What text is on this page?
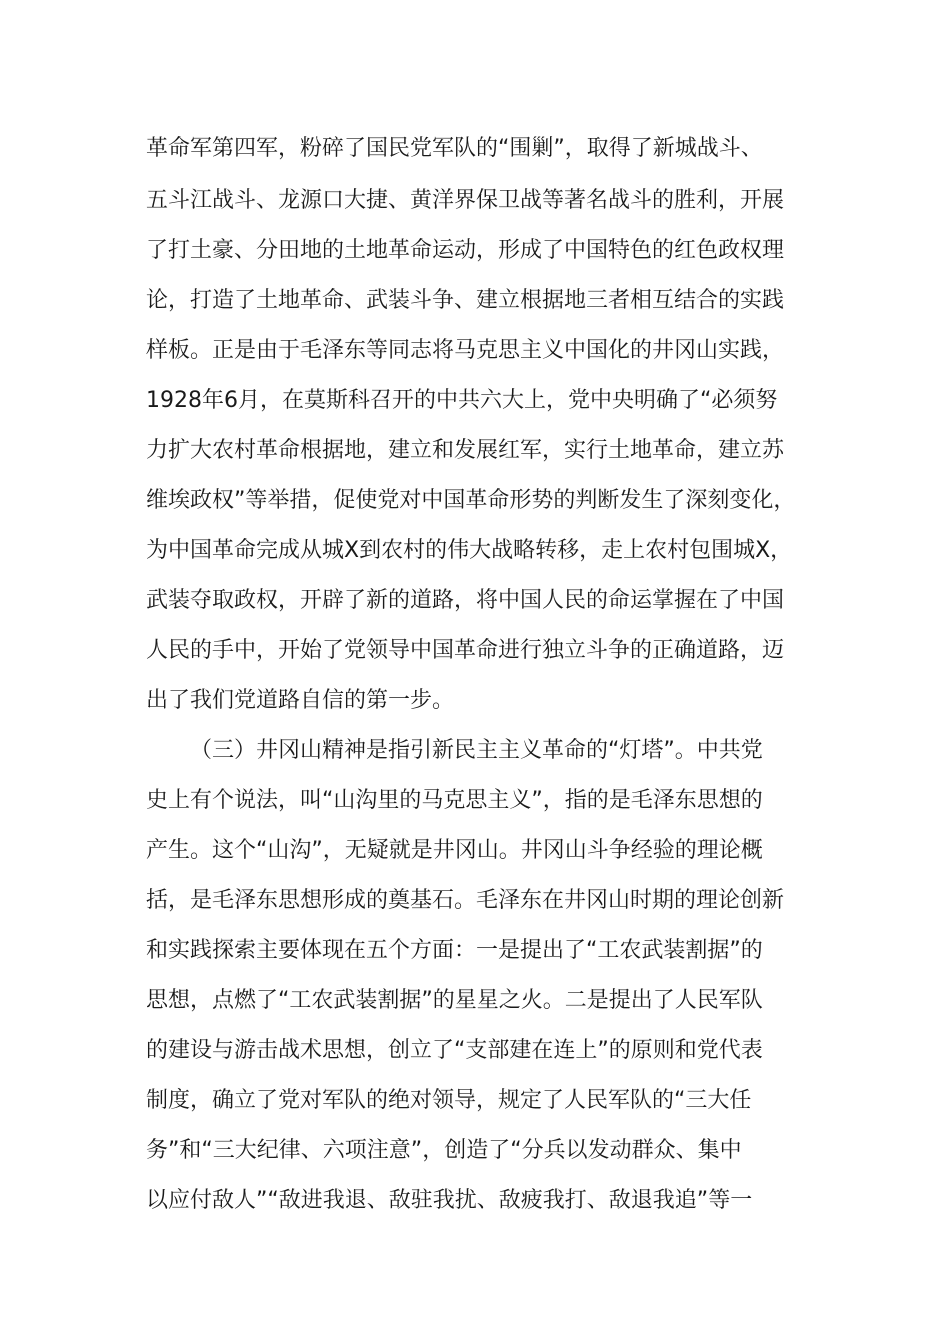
革命军第四军，粉碎了国民党军队的“围剿”，取得了新城战斗、
五斗江战斗、龙源口大捷、黄洋界保卫战等著名战斗的胜利，开展
了打土豪、分田地的土地革命运动，形成了中国特色的红色政权理
论，打造了土地革命、武装斗争、建立根据地三者相互结合的实践
样板。正是由于毛泽东等同志将马克思主义中国化的井冈山实践，
1928年6月，在莫斯科召开的中共六大上，党中央明确了“必须努
力扩大农村革命根据地，建立和发展红军，实行土地革命，建立苏
维埃政权”等举措，促使党对中国革命形势的判断发生了深刻变化，
为中国革命完成从城X到农村的伟大战略转移，走上农村包围城X，
武装夺取政权，开辟了新的道路，将中国人民的命运掌握在了中国
人民的手中，开始了党领导中国革命进行独立斗争的正确道路，迈
出了我们党道路自信的第一步。
（三）井冈山精神是指引新民主主义革命的“灯塔”。中共党
史上有个说法，叫“山沟里的马克思主义”，指的是毛泽东思想的
产生。这个“山沟”，无疑就是井冈山。井冈山斗争经验的理论概
括，是毛泽东思想形成的奠基石。毛泽东在井冈山时期的理论创新
和实践探索主要体现在五个方面：一是提出了“工农武装割据”的
思想，点燃了“工农武装割据”的星星之火。二是提出了人民军队
的建设与游击战术思想，创立了“支部建在连上”的原则和党代表
制度，确立了党对军队的绝对领导，规定了人民军队的“三大任
务”和“三大纪律、六项注意”，创造了“分兵以发动群众、集中
以应付敌人”“敌进我退、敌驻我扰、敌疲我打、敌退我追”等一
